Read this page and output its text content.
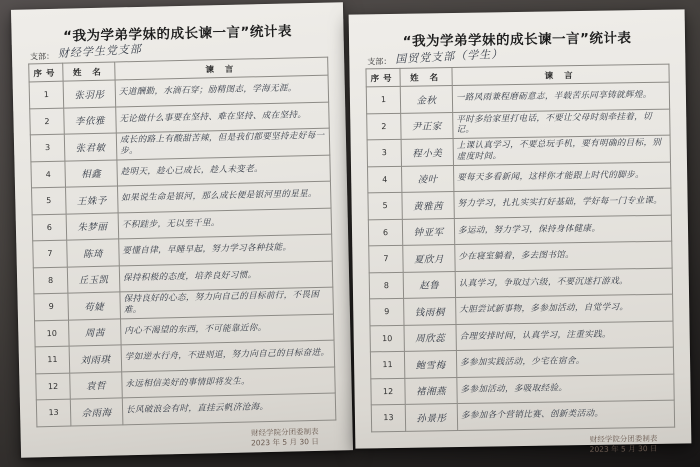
“我为学弟学妹的成长谏一言”统计表
支部： 财经学生党支部
序号	姓 名	谏 言
1	张羽彤	天道酬勤，水滴石穿；励精图志，学海无涯。
2	李依雅	无论做什么事要在坚持、难在坚持、成在坚持。
3	张君敏	成长的路上有酸甜苦辣，但是我们都要坚持走好每一步。
4	相鑫	趁明天，趁心已成长，趁人未变老。
5	王姝予	如果说生命是银河，那么成长便是银河里的星星。
6	朱梦丽	不积跬步，无以至千里。
7	陈琦	要懂自律，早睡早起，努力学习各种技能。
8	丘玉凯	保持积极的态度，培养良好习惯。
9	苟婕	保持良好的心态，努力向自己的目标前行，不畏困难。
10	周茜	内心不渴望的东西，不可能靠近你。
11	刘雨琪	学如逆水行舟，不进则退，努力向自己的目标奋进。
12	袁哲	永远相信美好的事情即将发生。
13	佘雨海	长风破浪会有时，直挂云帆济沧海。
财经学院分团委制表
2023 年 5 月 30 日
“我为学弟学妹的成长谏一言”统计表
支部： 国贸党支部（学生）
序号	姓 名	谏 言
1	金秋	一路风雨兼程磨砺意志，半载苦乐同享铸就辉煌。
2	尹正家	平时多给家里打电话，不要让父母时刻牵挂着，切记。
3	程小美	上课认真学习，不要总玩手机，要有明确的目标，别虚度时间。
4	凌叶	要每天多看新闻，这样你才能跟上时代的脚步。
5	黄雅茜	努力学习，扎扎实实打好基础，学好每一门专业课。
6	钟亚军	多运动，努力学习，保持身体健康。
7	夏欣月	少在寝室躺着，多去图书馆。
8	赵鲁	认真学习，争取过六级，不要沉迷打游戏。
9	钱雨桐	大胆尝试新事物，多参加活动，自觉学习。
10	周欣蕊	合理安排时间，认真学习，注重实践。
11	鲍雪梅	多参加实践活动，少宅在宿舍。
12	褚湘燕	多参加活动，多吸取经验。
13	孙景彤	多参加各个营销比赛、创新类活动。
财经学院分团委制表
2023 年 5 月 30 日
